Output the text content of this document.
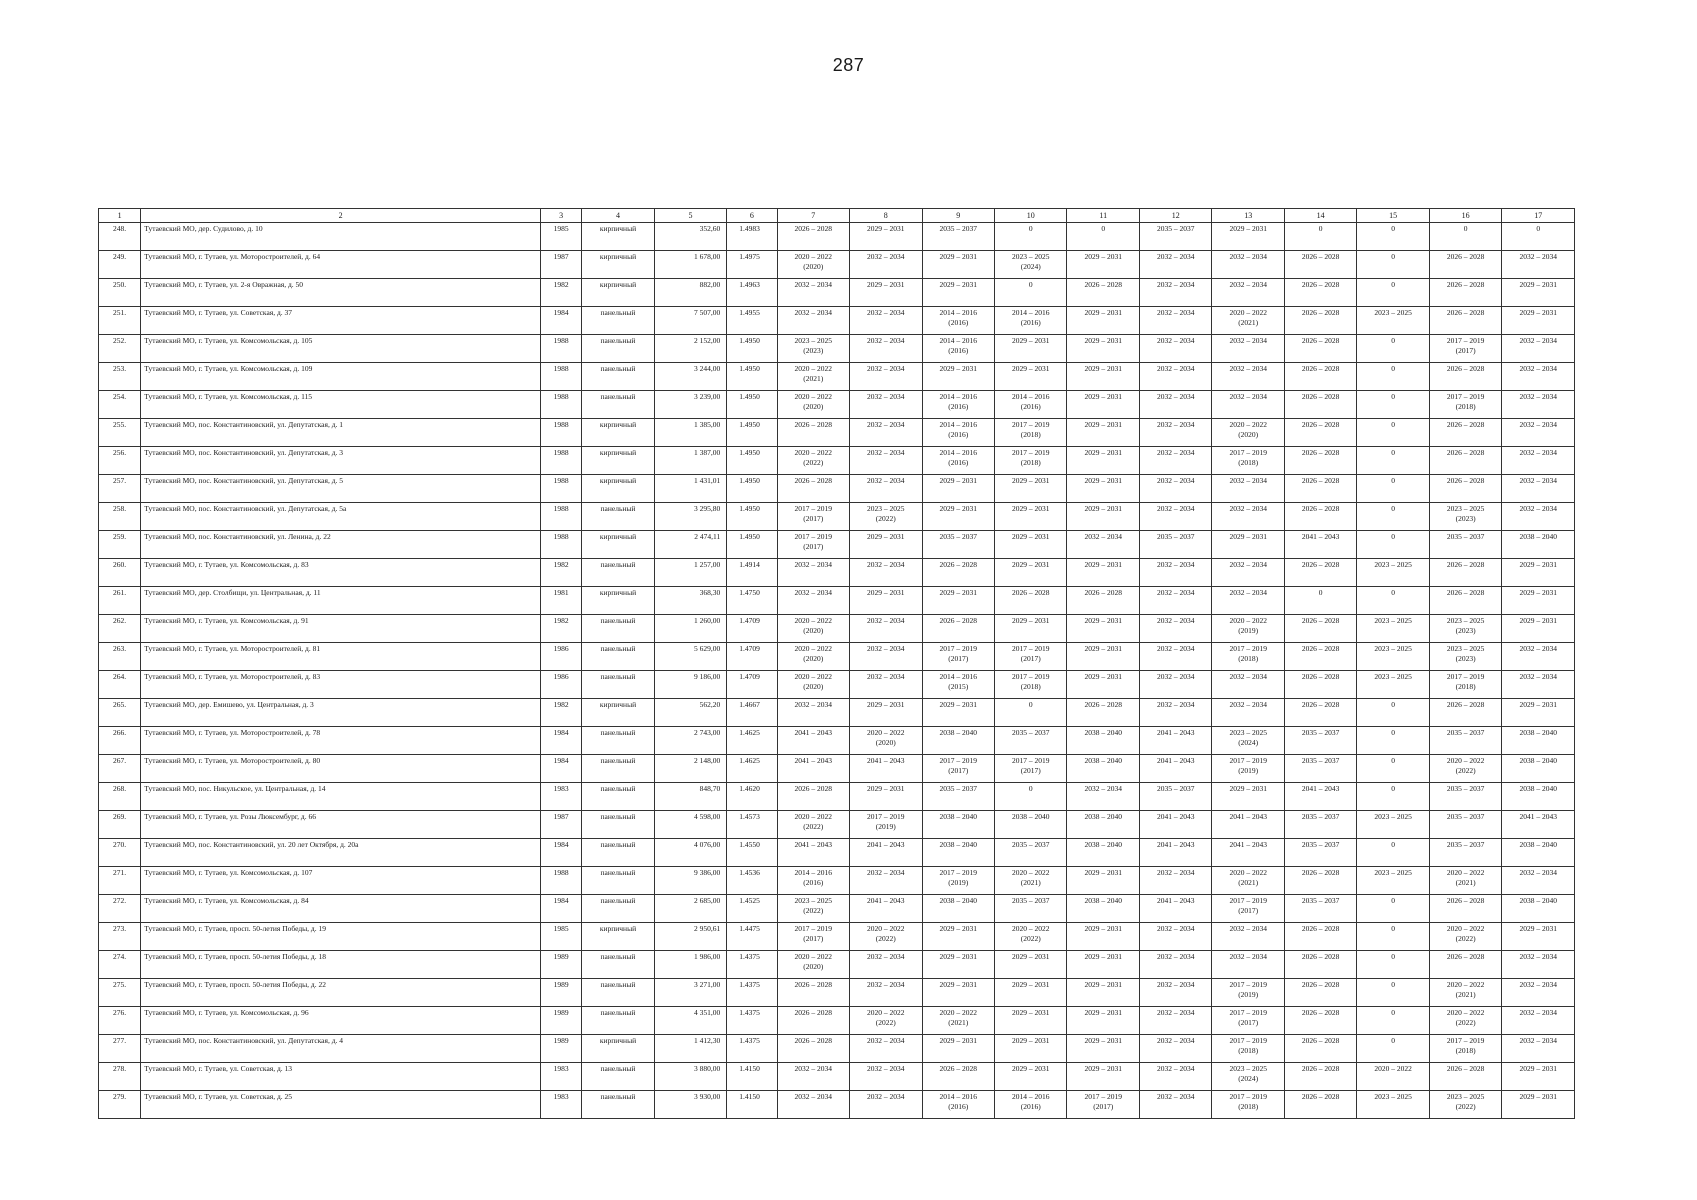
287
1	2	3	4	5	6	7	8	9	10	11	12	13	14	15	16	17

248.	Тутаевский МО, дер. Судилово, д. 10	1985	кирпичный	352,60	1.4983	2026 – 2028	2029 – 2031	2035 – 2037	0	0	2035 – 2037	2029 – 2031	0	0	0	0

249.	Тутаевский МО, г. Тутаев, ул. Моторостроителей, д. 64	1987	кирпичный	1 678,00	1.4975	2020 – 2022
(2020)	2032 – 2034	2029 – 2031	2023 – 2025
(2024)	2029 – 2031	2032 – 2034	2032 – 2034	2026 – 2028	0	2026 – 2028	2032 – 2034

250.	Тутаевский МО, г. Тутаев, ул. 2-я Овражная, д. 50	1982	кирпичный	882,00	1.4963	2032 – 2034	2029 – 2031	2029 – 2031	0	2026 – 2028	2032 – 2034	2032 – 2034	2026 – 2028	0	2026 – 2028	2029 – 2031

251.	Тутаевский МО, г. Тутаев, ул. Советская, д. 37	1984	панельный	7 507,00	1.4955	2032 – 2034	2032 – 2034	2014 – 2016
(2016)	2014 – 2016
(2016)	2029 – 2031	2032 – 2034	2020 – 2022
(2021)	2026 – 2028	2023 – 2025	2026 – 2028	2029 – 2031

252.	Тутаевский МО, г. Тутаев, ул. Комсомольская, д. 105	1988	панельный	2 152,00	1.4950	2023 – 2025
(2023)	2032 – 2034	2014 – 2016
(2016)	2029 – 2031	2029 – 2031	2032 – 2034	2032 – 2034	2026 – 2028	0	2017 – 2019
(2017)	2032 – 2034

253.	Тутаевский МО, г. Тутаев, ул. Комсомольская, д. 109	1988	панельный	3 244,00	1.4950	2020 – 2022
(2021)	2032 – 2034	2029 – 2031	2029 – 2031	2029 – 2031	2032 – 2034	2032 – 2034	2026 – 2028	0	2026 – 2028	2032 – 2034

254.	Тутаевский МО, г. Тутаев, ул. Комсомольская, д. 115	1988	панельный	3 239,00	1.4950	2020 – 2022
(2020)	2032 – 2034	2014 – 2016
(2016)	2014 – 2016
(2016)	2029 – 2031	2032 – 2034	2032 – 2034	2026 – 2028	0	2017 – 2019
(2018)	2032 – 2034

255.	Тутаевский МО, пос. Константиновский, ул. Депутатская, д. 1	1988	кирпичный	1 385,00	1.4950	2026 – 2028	2032 – 2034	2014 – 2016
(2016)	2017 – 2019
(2018)	2029 – 2031	2032 – 2034	2020 – 2022
(2020)	2026 – 2028	0	2026 – 2028	2032 – 2034

256.	Тутаевский МО, пос. Константиновский, ул. Депутатская, д. 3	1988	кирпичный	1 387,00	1.4950	2020 – 2022
(2022)	2032 – 2034	2014 – 2016
(2016)	2017 – 2019
(2018)	2029 – 2031	2032 – 2034	2017 – 2019
(2018)	2026 – 2028	0	2026 – 2028	2032 – 2034

257.	Тутаевский МО, пос. Константиновский, ул. Депутатская, д. 5	1988	кирпичный	1 431,01	1.4950	2026 – 2028	2032 – 2034	2029 – 2031	2029 – 2031	2029 – 2031	2032 – 2034	2032 – 2034	2026 – 2028	0	2026 – 2028	2032 – 2034

258.	Тутаевский МО, пос. Константиновский, ул. Депутатская, д. 5а	1988	панельный	3 295,80	1.4950	2017 – 2019
(2017)	2023 – 2025
(2022)	2029 – 2031	2029 – 2031	2029 – 2031	2032 – 2034	2032 – 2034	2026 – 2028	0	2023 – 2025
(2023)	2032 – 2034

259.	Тутаевский МО, пос. Константиновский, ул. Ленина, д. 22	1988	кирпичный	2 474,11	1.4950	2017 – 2019
(2017)	2029 – 2031	2035 – 2037	2029 – 2031	2032 – 2034	2035 – 2037	2029 – 2031	2041 – 2043	0	2035 – 2037	2038 – 2040

260.	Тутаевский МО, г. Тутаев, ул. Комсомольская, д. 83	1982	панельный	1 257,00	1.4914	2032 – 2034	2032 – 2034	2026 – 2028	2029 – 2031	2029 – 2031	2032 – 2034	2032 – 2034	2026 – 2028	2023 – 2025	2026 – 2028	2029 – 2031

261.	Тутаевский МО, дер. Столбищи, ул. Центральная, д. 11	1981	кирпичный	368,30	1.4750	2032 – 2034	2029 – 2031	2029 – 2031	2026 – 2028	2026 – 2028	2032 – 2034	2032 – 2034	0	0	2026 – 2028	2029 – 2031

262.	Тутаевский МО, г. Тутаев, ул. Комсомольская, д. 91	1982	панельный	1 260,00	1.4709	2020 – 2022
(2020)	2032 – 2034	2026 – 2028	2029 – 2031	2029 – 2031	2032 – 2034	2020 – 2022
(2019)	2026 – 2028	2023 – 2025	2023 – 2025
(2023)	2029 – 2031

263.	Тутаевский МО, г. Тутаев, ул. Моторостроителей, д. 81	1986	панельный	5 629,00	1.4709	2020 – 2022
(2020)	2032 – 2034	2017 – 2019
(2017)	2017 – 2019
(2017)	2029 – 2031	2032 – 2034	2017 – 2019
(2018)	2026 – 2028	2023 – 2025	2023 – 2025
(2023)	2032 – 2034

264.	Тутаевский МО, г. Тутаев, ул. Моторостроителей, д. 83	1986	панельный	9 186,00	1.4709	2020 – 2022
(2020)	2032 – 2034	2014 – 2016
(2015)	2017 – 2019
(2018)	2029 – 2031	2032 – 2034	2032 – 2034	2026 – 2028	2023 – 2025	2017 – 2019
(2018)	2032 – 2034

265.	Тутаевский МО, дер. Емишево, ул. Центральная, д. 3	1982	кирпичный	562,20	1.4667	2032 – 2034	2029 – 2031	2029 – 2031	0	2026 – 2028	2032 – 2034	2032 – 2034	2026 – 2028	0	2026 – 2028	2029 – 2031

266.	Тутаевский МО, г. Тутаев, ул. Моторостроителей, д. 78	1984	панельный	2 743,00	1.4625	2041 – 2043	2020 – 2022
(2020)	2038 – 2040	2035 – 2037	2038 – 2040	2041 – 2043	2023 – 2025
(2024)	2035 – 2037	0	2035 – 2037	2038 – 2040

267.	Тутаевский МО, г. Тутаев, ул. Моторостроителей, д. 80	1984	панельный	2 148,00	1.4625	2041 – 2043	2041 – 2043	2017 – 2019
(2017)	2017 – 2019
(2017)	2038 – 2040	2041 – 2043	2017 – 2019
(2019)	2035 – 2037	0	2020 – 2022
(2022)	2038 – 2040

268.	Тутаевский МО, пос. Никульское, ул. Центральная, д. 14	1983	панельный	848,70	1.4620	2026 – 2028	2029 – 2031	2035 – 2037	0	2032 – 2034	2035 – 2037	2029 – 2031	2041 – 2043	0	2035 – 2037	2038 – 2040

269.	Тутаевский МО, г. Тутаев, ул. Розы Люксембург, д. 66	1987	панельный	4 598,00	1.4573	2020 – 2022
(2022)	2017 – 2019
(2019)	2038 – 2040	2038 – 2040	2038 – 2040	2041 – 2043	2041 – 2043	2035 – 2037	2023 – 2025	2035 – 2037	2041 – 2043

270.	Тутаевский МО, пос. Константиновский, ул. 20 лет Октября, д. 20а	1984	панельный	4 076,00	1.4550	2041 – 2043	2041 – 2043	2038 – 2040	2035 – 2037	2038 – 2040	2041 – 2043	2041 – 2043	2035 – 2037	0	2035 – 2037	2038 – 2040

271.	Тутаевский МО, г. Тутаев, ул. Комсомольская, д. 107	1988	панельный	9 386,00	1.4536	2014 – 2016
(2016)	2032 – 2034	2017 – 2019
(2019)	2020 – 2022
(2021)	2029 – 2031	2032 – 2034	2020 – 2022
(2021)	2026 – 2028	2023 – 2025	2020 – 2022
(2021)	2032 – 2034

272.	Тутаевский МО, г. Тутаев, ул. Комсомольская, д. 84	1984	панельный	2 685,00	1.4525	2023 – 2025
(2022)	2041 – 2043	2038 – 2040	2035 – 2037	2038 – 2040	2041 – 2043	2017 – 2019
(2017)	2035 – 2037	0	2026 – 2028	2038 – 2040

273.	Тутаевский МО, г. Тутаев, просп. 50-летия Победы, д. 19	1985	кирпичный	2 950,61	1.4475	2017 – 2019
(2017)	2020 – 2022
(2022)	2029 – 2031	2020 – 2022
(2022)	2029 – 2031	2032 – 2034	2032 – 2034	2026 – 2028	0	2020 – 2022
(2022)	2029 – 2031

274.	Тутаевский МО, г. Тутаев, просп. 50-летия Победы, д. 18	1989	панельный	1 986,00	1.4375	2020 – 2022
(2020)	2032 – 2034	2029 – 2031	2029 – 2031	2029 – 2031	2032 – 2034	2032 – 2034	2026 – 2028	0	2026 – 2028	2032 – 2034

275.	Тутаевский МО, г. Тутаев, просп. 50-летия Победы, д. 22	1989	панельный	3 271,00	1.4375	2026 – 2028	2032 – 2034	2029 – 2031	2029 – 2031	2029 – 2031	2032 – 2034	2017 – 2019
(2019)	2026 – 2028	0	2020 – 2022
(2021)	2032 – 2034

276.	Тутаевский МО, г. Тутаев, ул. Комсомольская, д. 96	1989	панельный	4 351,00	1.4375	2026 – 2028	2020 – 2022
(2022)	2020 – 2022
(2021)	2029 – 2031	2029 – 2031	2032 – 2034	2017 – 2019
(2017)	2026 – 2028	0	2020 – 2022
(2022)	2032 – 2034

277.	Тутаевский МО, пос. Константиновский, ул. Депутатская, д. 4	1989	кирпичный	1 412,30	1.4375	2026 – 2028	2032 – 2034	2029 – 2031	2029 – 2031	2029 – 2031	2032 – 2034	2017 – 2019
(2018)	2026 – 2028	0	2017 – 2019
(2018)	2032 – 2034

278.	Тутаевский МО, г. Тутаев, ул. Советская, д. 13	1983	панельный	3 880,00	1.4150	2032 – 2034	2032 – 2034	2026 – 2028	2029 – 2031	2029 – 2031	2032 – 2034	2023 – 2025
(2024)	2026 – 2028	2020 – 2022	2026 – 2028	2029 – 2031

279.	Тутаевский МО, г. Тутаев, ул. Советская, д. 25	1983	панельный	3 930,00	1.4150	2032 – 2034	2032 – 2034	2014 – 2016
(2016)	2014 – 2016
(2016)	2017 – 2019
(2017)	2032 – 2034	2017 – 2019
(2018)	2026 – 2028	2023 – 2025	2023 – 2025
(2022)	2029 – 2031
